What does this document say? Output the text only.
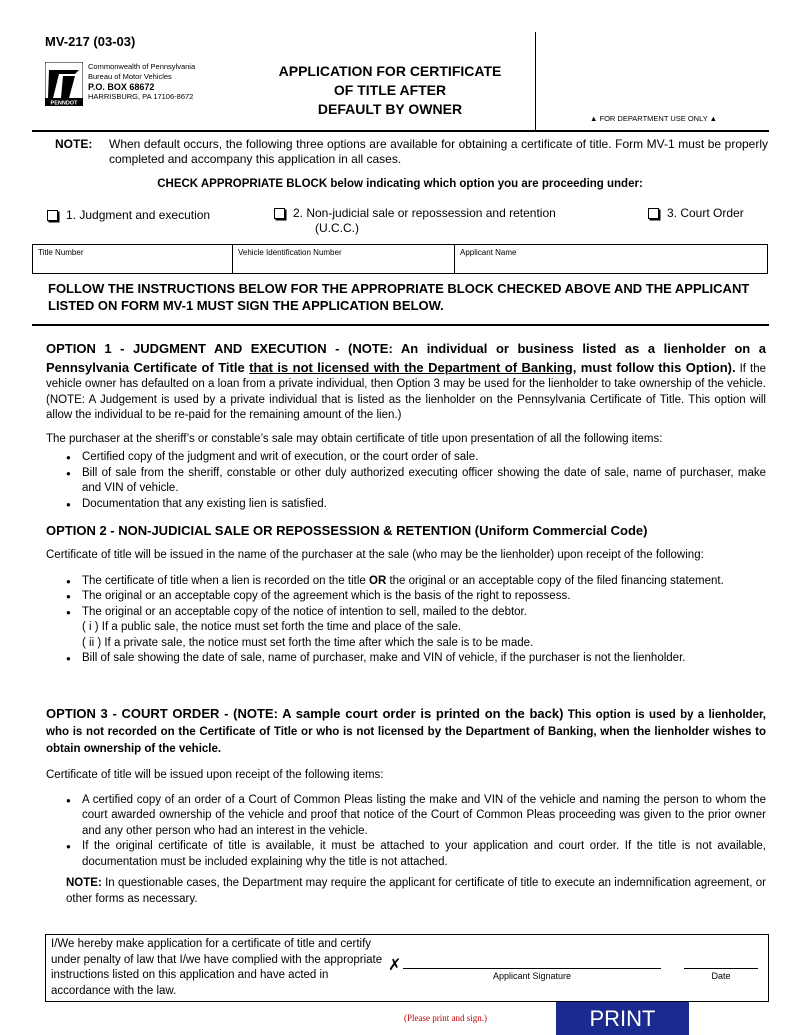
MV-217 (03-03)
PENNDOT
Commonwealth of Pennsylvania
Bureau of Motor Vehicles
P.O. BOX 68672
HARRISBURG, PA 17106-8672
APPLICATION FOR CERTIFICATE
OF TITLE AFTER
DEFAULT BY OWNER
▲ FOR DEPARTMENT USE ONLY ▲
NOTE: When default occurs, the following three options are available for obtaining a certificate of title. Form MV-1 must be properly completed and accompany this application in all cases.
CHECK APPROPRIATE BLOCK below indicating which option you are proceeding under:
1. Judgment and execution	2. Non-judicial sale or repossession and retention
(U.C.C.)
3. Court Order
Title Number	Vehicle Identification Number	Applicant Name
FOLLOW THE INSTRUCTIONS BELOW FOR THE APPROPRIATE BLOCK CHECKED ABOVE AND THE APPLICANT LISTED ON FORM MV-1 MUST SIGN THE APPLICATION BELOW.
OPTION 1 - JUDGMENT AND EXECUTION - (NOTE: An individual or business listed as a lienholder on a Pennsylvania Certificate of Title that is not licensed with the Department of Banking, must follow this Option). If the vehicle owner has defaulted on a loan from a private individual, then Option 3 may be used for the lienholder to take ownership of the vehicle. (NOTE: A Judgement is used by a private individual that is listed as the lienholder on the Pennsylvania Certificate of Title. This option will allow the individual to be re-paid for the remaining amount of the lien.)
The purchaser at the sheriff’s or constable’s sale may obtain certificate of title upon presentation of all the following items:
● Certified copy of the judgment and writ of execution, or the court order of sale.
● Bill of sale from the sheriff, constable or other duly authorized executing officer showing the date of sale, name of purchaser, make and VIN of vehicle.
● Documentation that any existing lien is satisfied.
OPTION 2 - NON-JUDICIAL SALE OR REPOSSESSION & RETENTION (Uniform Commercial Code)
Certificate of title will be issued in the name of the purchaser at the sale (who may be the lienholder) upon receipt of the following:
● The certificate of title when a lien is recorded on the title OR the original or an acceptable copy of the filed financing statement.
● The original or an acceptable copy of the agreement which is the basis of the right to repossess.
● The original or an acceptable copy of the notice of intention to sell, mailed to the debtor.
( i ) If a public sale, the notice must set forth the time and place of the sale.
( ii ) If a private sale, the notice must set forth the time after which the sale is to be made.
● Bill of sale showing the date of sale, name of purchaser, make and VIN of vehicle, if the purchaser is not the lienholder.
OPTION 3 - COURT ORDER - (NOTE: A sample court order is printed on the back) This option is used by a lienholder, who is not recorded on the Certificate of Title or who is not licensed by the Department of Banking, when the lienholder wishes to obtain ownership of the vehicle.
Certificate of title will be issued upon receipt of the following items:
● A certified copy of an order of a Court of Common Pleas listing the make and VIN of the vehicle and naming the person to whom the court awarded ownership of the vehicle and proof that notice of the Court of Common Pleas proceeding was given to the prior owner and any other person who had an interest in the vehicle.
● If the original certificate of title is available, it must be attached to your application and court order. If the title is not available, documentation must be included explaining why the title is not attached.
NOTE: In questionable cases, the Department may require the applicant for certificate of title to execute an indemnification agreement, or other forms as necessary.
I/We hereby make application for a certificate of title and certify under penalty of law that I/we have complied with the appropriate instructions listed on this application and have acted in accordance with the law.
✗
Applicant Signature	Date
(Please print and sign.)	PRINT
